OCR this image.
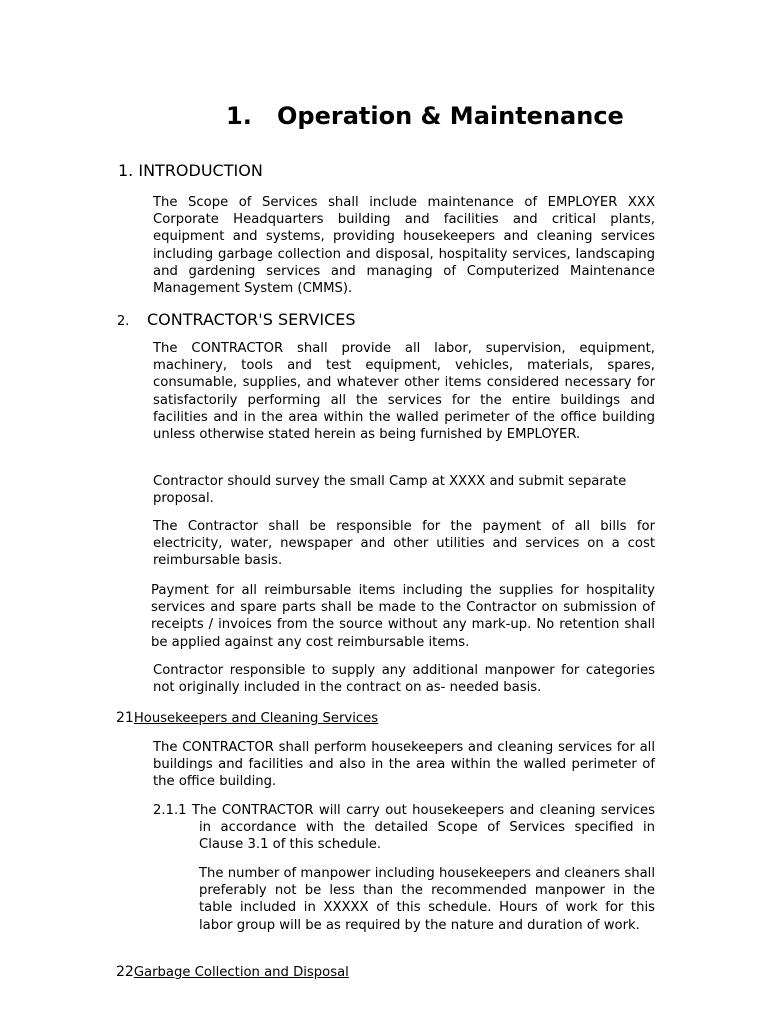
1. Operation & Maintenance
1. INTRODUCTION

The Scope of Services shall include maintenance of EMPLOYER XXX Corporate Headquarters building and facilities and critical plants, equipment and systems, providing housekeepers and cleaning services including garbage collection and disposal, hospitality services, landscaping and gardening services and managing of Computerized Maintenance Management System (CMMS).

2. CONTRACTOR'S SERVICES

The CONTRACTOR shall provide all labor, supervision, equipment, machinery, tools and test equipment, vehicles, materials, spares, consumable, supplies, and whatever other items considered necessary for satisfactorily performing all the services for the entire buildings and facilities and in the area within the walled perimeter of the office building unless otherwise stated herein as being furnished by EMPLOYER.

Contractor should survey the small Camp at XXXX and submit separate proposal.

The Contractor shall be responsible for the payment of all bills for electricity, water, newspaper and other utilities and services on a cost reimbursable basis.

Payment for all reimbursable items including the supplies for hospitality services and spare parts shall be made to the Contractor on submission of receipts / invoices from the source without any mark-up. No retention shall be applied against any cost reimbursable items.

Contractor responsible to supply any additional manpower for categories not originally included in the contract on as- needed basis.

21Housekeepers and Cleaning Services

The CONTRACTOR shall perform housekeepers and cleaning services for all buildings and facilities and also in the area within the walled perimeter of the office building.

2.1.1 The CONTRACTOR will carry out housekeepers and cleaning services in accordance with the detailed Scope of Services specified in Clause 3.1 of this schedule.

The number of manpower including housekeepers and cleaners shall preferably not be less than the recommended manpower in the table included in XXXXX of this schedule. Hours of work for this labor group will be as required by the nature and duration of work.

22Garbage Collection and Disposal
